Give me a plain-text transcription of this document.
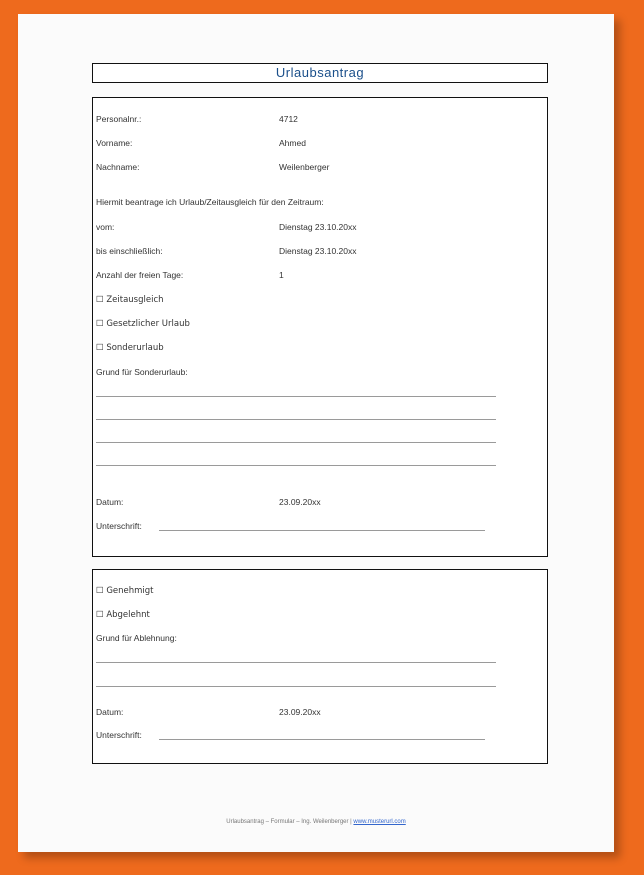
Urlaubsantrag
Personalnr.:	4712
Vorname:	Ahmed
Nachname:	Weilenberger
Hiermit beantrage ich Urlaub/Zeitausgleich für den Zeitraum:
vom:	Dienstag 23.10.20xx
bis einschließlich:	Dienstag 23.10.20xx
Anzahl der freien Tage:	1
☐ Zeitausgleich
☐ Gesetzlicher Urlaub
☐ Sonderurlaub
Grund für Sonderurlaub:
Datum:	23.09.20xx
Unterschrift:
☐ Genehmigt
☐ Abgelehnt
Grund für Ablehnung:
Datum:	23.09.20xx
Unterschrift:
Urlaubsantrag – Formular – Ing. Weilenberger | www.musterurl.com
